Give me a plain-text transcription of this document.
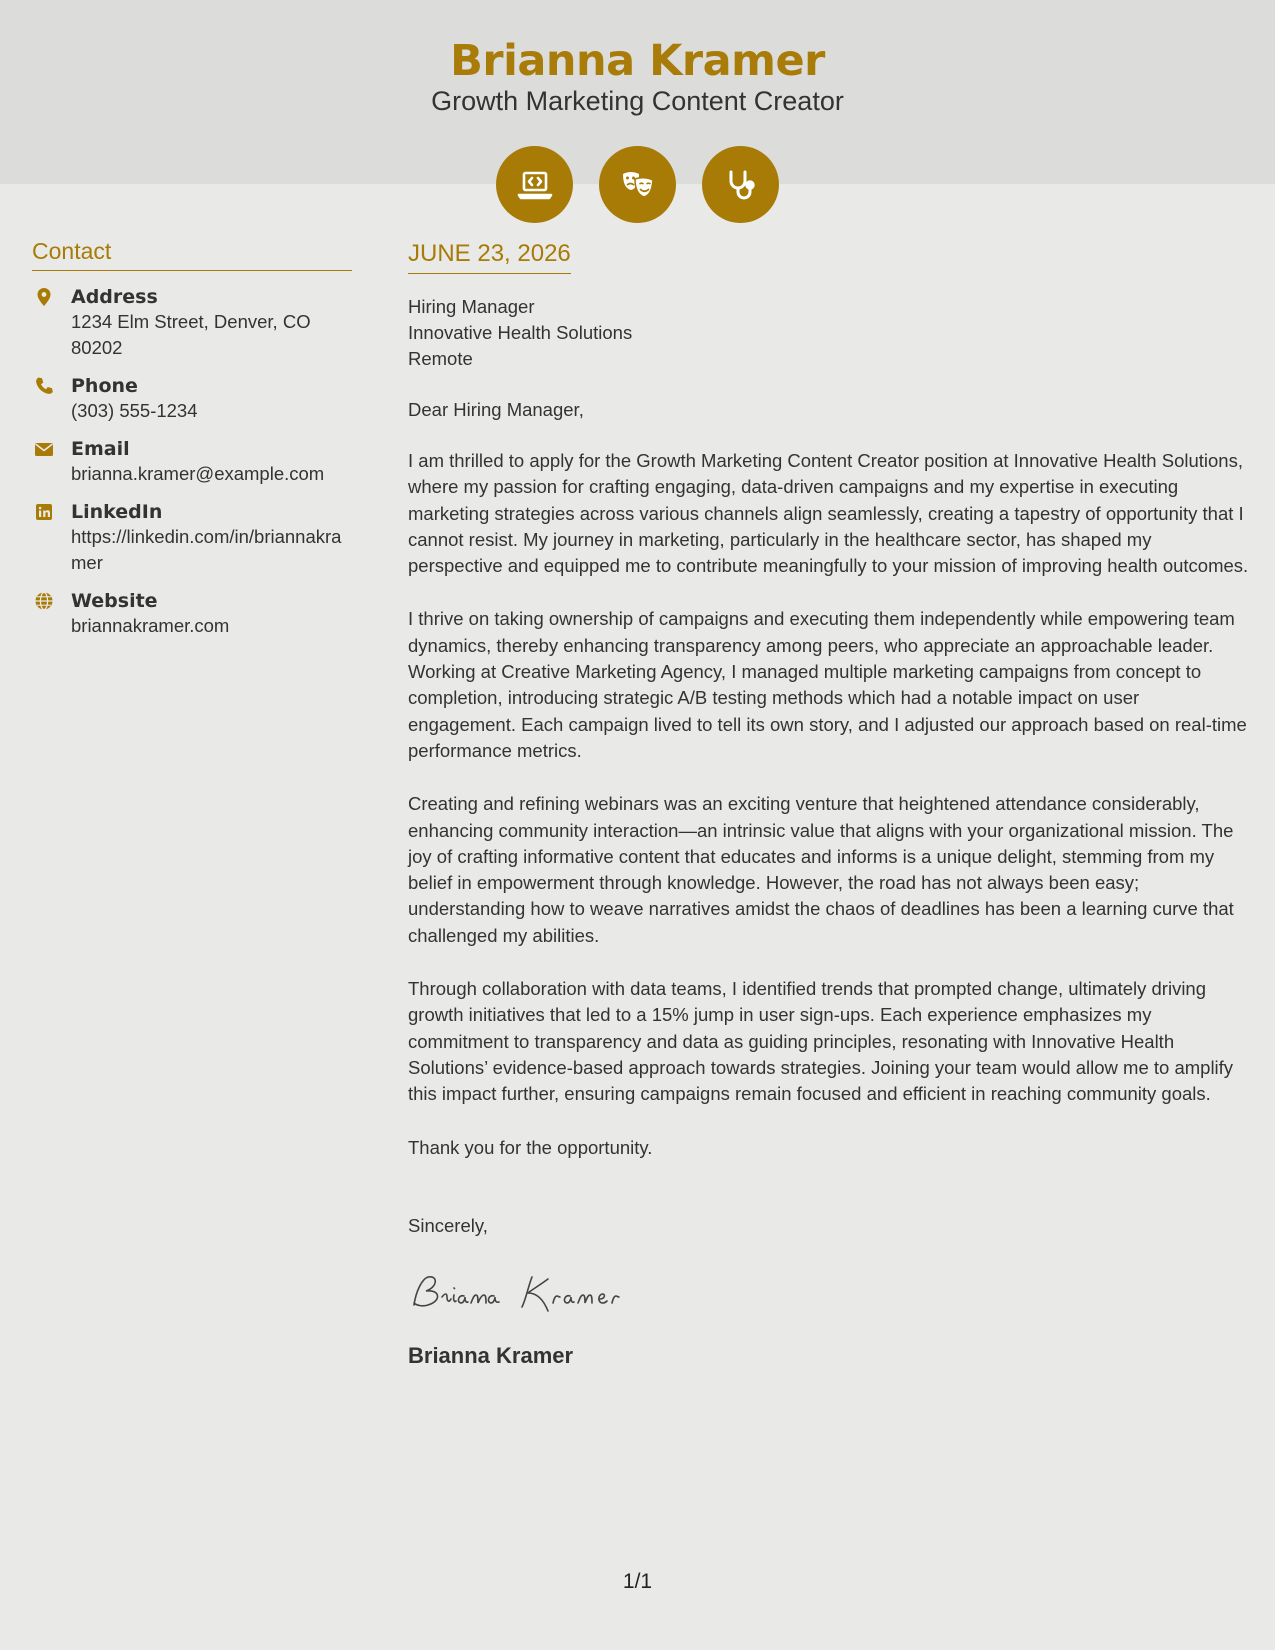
Brianna Kramer
Growth Marketing Content Creator
Contact
Address
1234 Elm Street, Denver, CO 80202
Phone
(303) 555-1234
Email
brianna.kramer@example.com
LinkedIn
https://linkedin.com/in/briannakramer
Website
briannakramer.com
JUNE 23, 2026
Hiring Manager
Innovative Health Solutions
Remote
Dear Hiring Manager,

I am thrilled to apply for the Growth Marketing Content Creator position at Innovative Health Solutions, where my passion for crafting engaging, data-driven campaigns and my expertise in executing marketing strategies across various channels align seamlessly, creating a tapestry of opportunity that I cannot resist. My journey in marketing, particularly in the healthcare sector, has shaped my perspective and equipped me to contribute meaningfully to your mission of improving health outcomes.

I thrive on taking ownership of campaigns and executing them independently while empowering team dynamics, thereby enhancing transparency among peers, who appreciate an approachable leader. Working at Creative Marketing Agency, I managed multiple marketing campaigns from concept to completion, introducing strategic A/B testing methods which had a notable impact on user engagement. Each campaign lived to tell its own story, and I adjusted our approach based on real-time performance metrics.

Creating and refining webinars was an exciting venture that heightened attendance considerably, enhancing community interaction—an intrinsic value that aligns with your organizational mission. The joy of crafting informative content that educates and informs is a unique delight, stemming from my belief in empowerment through knowledge. However, the road has not always been easy; understanding how to weave narratives amidst the chaos of deadlines has been a learning curve that challenged my abilities.

Through collaboration with data teams, I identified trends that prompted change, ultimately driving growth initiatives that led to a 15% jump in user sign-ups. Each experience emphasizes my commitment to transparency and data as guiding principles, resonating with Innovative Health Solutions’ evidence-based approach towards strategies. Joining your team would allow me to amplify this impact further, ensuring campaigns remain focused and efficient in reaching community goals.

Thank you for the opportunity.

Sincerely,
Brianna Kramer
1/1
